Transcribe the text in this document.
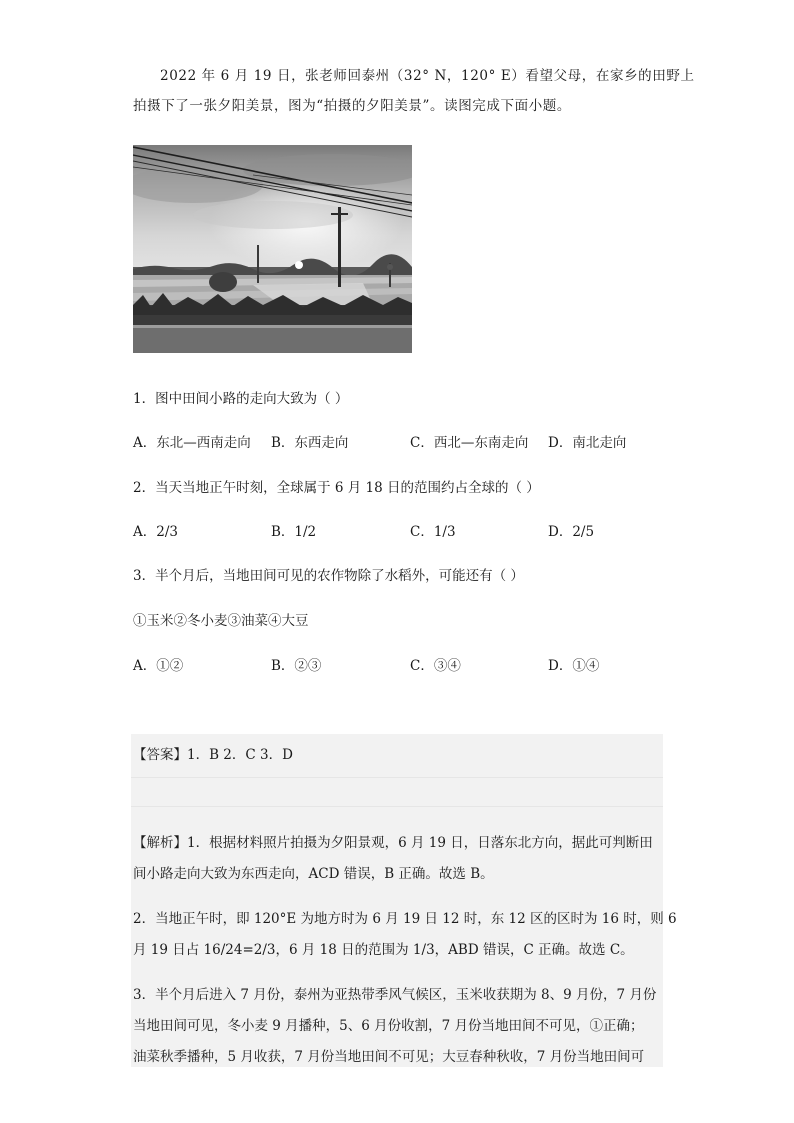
2022 年 6 月 19 日，张老师回泰州（32° N，120° E）看望父母，在家乡的田野上
拍摄下了一张夕阳美景，图为“拍摄的夕阳美景”。读图完成下面小题。
1．图中田间小路的走向大致为（ ）
A．东北—西南走向 B．东西走向	C．西北—东南走向 D．南北走向
2．当天当地正午时刻，全球属于 6 月 18 日的范围约占全球的（ ）
A．2/3	B．1/2	C．1/3	D．2/5
3．半个月后，当地田间可见的农作物除了水稻外，可能还有（ ）
①玉米②冬小麦③油菜④大豆
A．①②	B．②③	C．③④	D．①④
【答案】1．B 2．C 3．D
【解析】1．根据材料照片拍摄为夕阳景观，6 月 19 日，日落东北方向，据此可判断田
间小路走向大致为东西走向，ACD 错误，B 正确。故选 B。
2．当地正午时，即 120°E 为地方时为 6 月 19 日 12 时，东 12 区的区时为 16 时，则 6
月 19 日占 16/24=2/3，6 月 18 日的范围为 1/3，ABD 错误，C 正确。故选 C。
3．半个月后进入 7 月份，泰州为亚热带季风气候区，玉米收获期为 8、9 月份，7 月份
当地田间可见，冬小麦 9 月播种，5、6 月份收割，7 月份当地田间不可见，①正确；
油菜秋季播种，5 月收获，7 月份当地田间不可见；大豆春种秋收，7 月份当地田间可
